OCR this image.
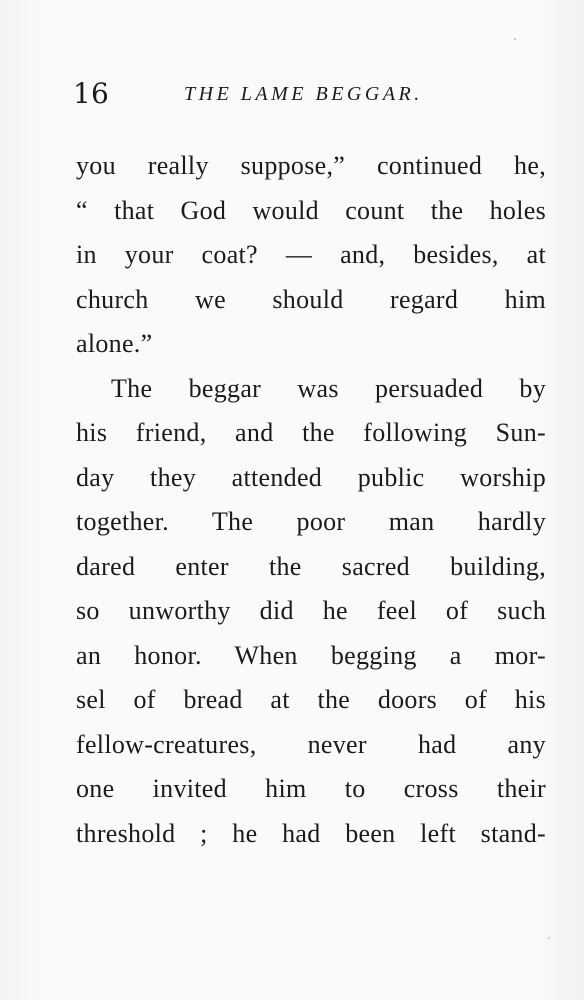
16	THE LAME BEGGAR.
you really suppose,” continued he,
“ that God would count the holes
in your coat? — and, besides, at
church we should regard him
alone.”
The beggar was persuaded by
his friend, and the following Sun-
day they attended public worship
together. The poor man hardly
dared enter the sacred building,
so unworthy did he feel of such
an honor. When begging a mor-
sel of bread at the doors of his
fellow-creatures, never had any
one invited him to cross their
threshold ; he had been left stand-
